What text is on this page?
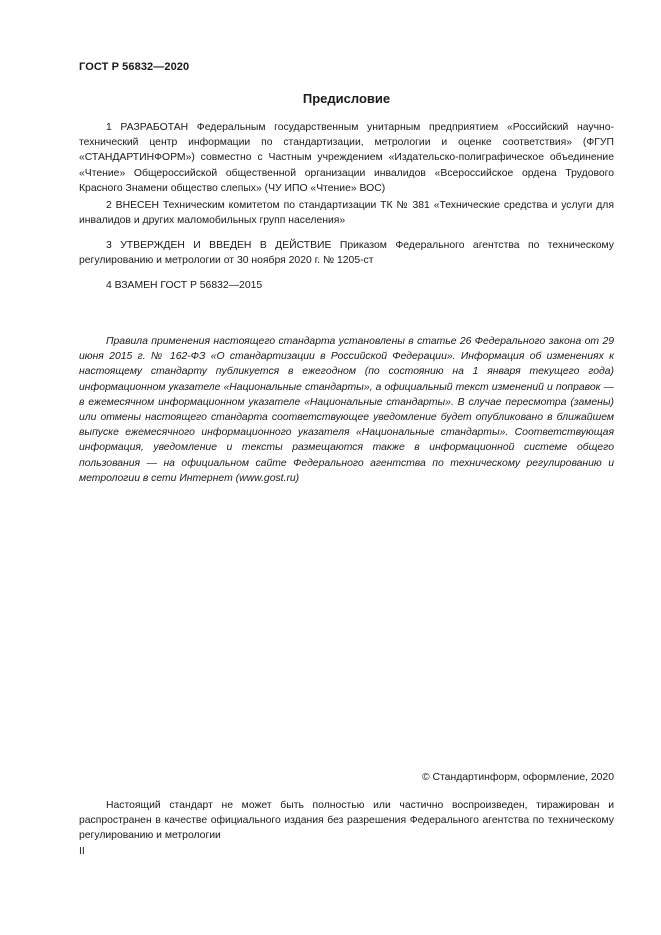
ГОСТ Р 56832—2020
Предисловие

1 РАЗРАБОТАН Федеральным государственным унитарным предприятием «Российский научно-технический центр информации по стандартизации, метрологии и оценке соответствия» (ФГУП «СТАНДАРТИНФОРМ») совместно с Частным учреждением «Издательско-полиграфическое объединение «Чтение» Общероссийской общественной организации инвалидов «Всероссийское ордена Трудового Красного Знамени общество слепых» (ЧУ ИПО «Чтение» ВОС)

2 ВНЕСЕН Техническим комитетом по стандартизации ТК № 381 «Технические средства и услуги для инвалидов и других маломобильных групп населения»

3 УТВЕРЖДЕН И ВВЕДЕН В ДЕЙСТВИЕ Приказом Федерального агентства по техническому регулированию и метрологии от 30 ноября 2020 г. № 1205-ст

4 ВЗАМЕН ГОСТ Р 56832—2015

Правила применения настоящего стандарта установлены в статье 26 Федерального закона от 29 июня 2015 г. № 162-ФЗ «О стандартизации в Российской Федерации». Информация об изменениях к настоящему стандарту публикуется в ежегодном (по состоянию на 1 января текущего года) информационном указателе «Национальные стандарты», а официальный текст изменений и поправок — в ежемесячном информационном указателе «Национальные стандарты». В случае пересмотра (замены) или отмены настоящего стандарта соответствующее уведомление будет опубликовано в ближайшем выпуске ежемесячного информационного указателя «Национальные стандарты». Соответствующая информация, уведомление и тексты размещаются также в информационной системе общего пользования — на официальном сайте Федерального агентства по техническому регулированию и метрологии в сети Интернет (www.gost.ru)

© Стандартинформ, оформление, 2020

Настоящий стандарт не может быть полностью или частично воспроизведен, тиражирован и распространен в качестве официального издания без разрешения Федерального агентства по техническому регулированию и метрологии

II
